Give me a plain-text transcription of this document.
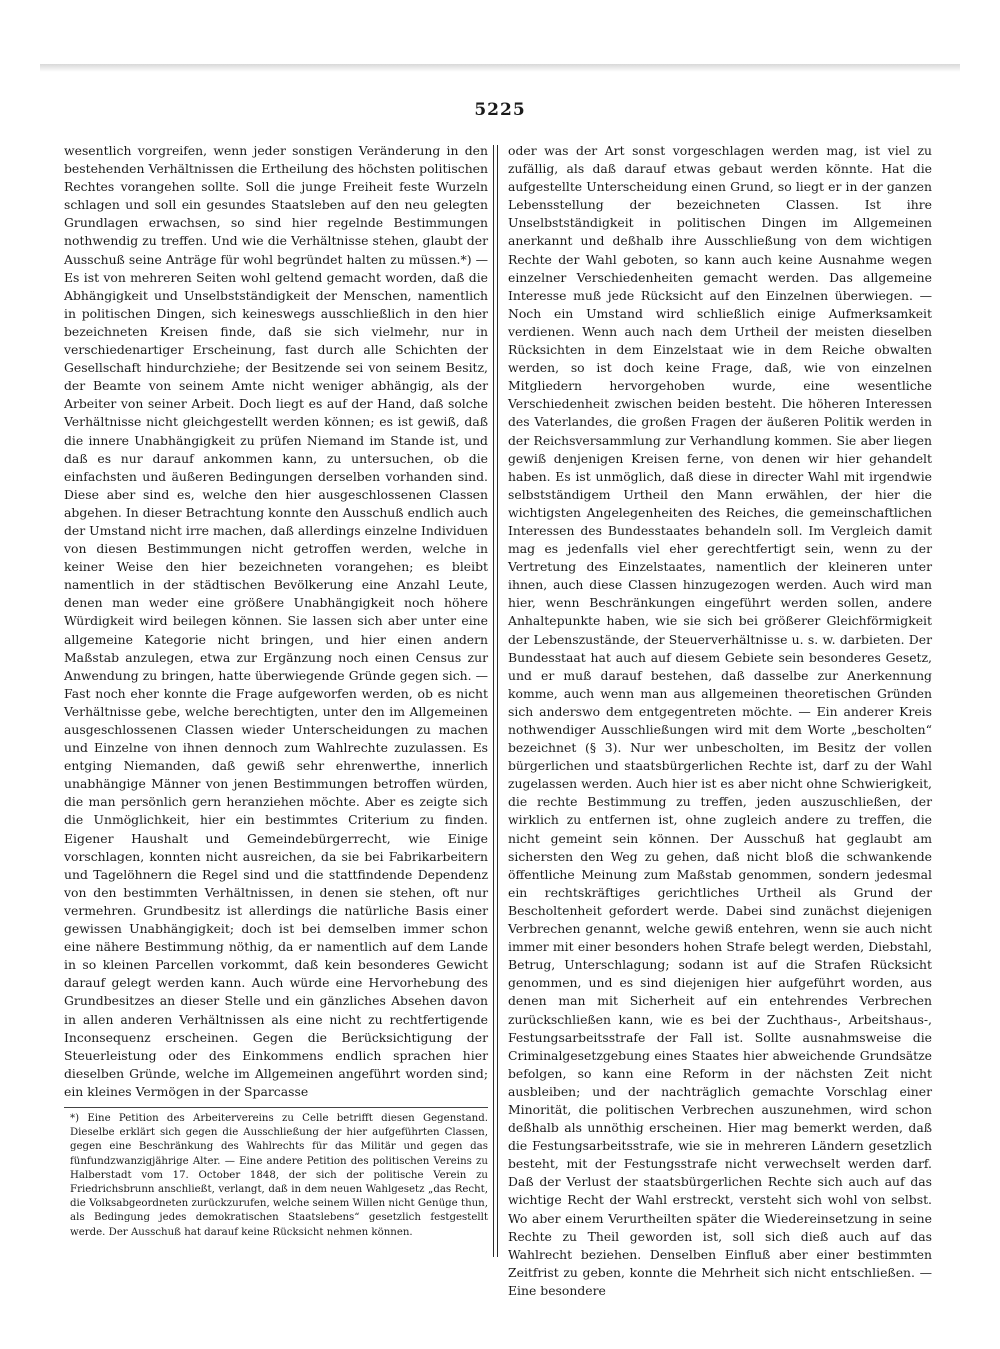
5225

wesentlich vorgreifen, wenn jeder sonstigen Veränderung in den bestehenden Verhältnissen die Ertheilung des höchsten politischen Rechtes vorangehen sollte. Soll die junge Freiheit feste Wurzeln schlagen und soll ein gesundes Staatsleben auf den neu gelegten Grundlagen erwachsen, so sind hier regelnde Bestimmungen nothwendig zu treffen. Und wie die Verhältnisse stehen, glaubt der Ausschuß seine Anträge für wohl begründet halten zu müssen.*) — Es ist von mehreren Seiten wohl geltend gemacht worden, daß die Abhängigkeit und Unselbstständigkeit der Menschen, namentlich in politischen Dingen, sich keineswegs ausschließlich in den hier bezeichneten Kreisen finde, daß sie sich vielmehr, nur in verschiedenartiger Erscheinung, fast durch alle Schichten der Gesellschaft hindurchziehe; der Besitzende sei von seinem Besitz, der Beamte von seinem Amte nicht weniger abhängig, als der Arbeiter von seiner Arbeit. Doch liegt es auf der Hand, daß solche Verhältnisse nicht gleichgestellt werden können; es ist gewiß, daß die innere Unabhängigkeit zu prüfen Niemand im Stande ist, und daß es nur darauf ankommen kann, zu untersuchen, ob die einfachsten und äußeren Bedingungen derselben vorhanden sind. Diese aber sind es, welche den hier ausgeschlossenen Classen abgehen. In dieser Betrachtung konnte den Ausschuß endlich auch der Umstand nicht irre machen, daß allerdings einzelne Individuen von diesen Bestimmungen nicht getroffen werden, welche in keiner Weise den hier bezeichneten vorangehen; es bleibt namentlich in der städtischen Bevölkerung eine Anzahl Leute, denen man weder eine größere Unabhängigkeit noch höhere Würdigkeit wird beilegen können. Sie lassen sich aber unter eine allgemeine Kategorie nicht bringen, und hier einen andern Maßstab anzulegen, etwa zur Ergänzung noch einen Census zur Anwendung zu bringen, hatte überwiegende Gründe gegen sich. — Fast noch eher konnte die Frage aufgeworfen werden, ob es nicht Verhältnisse gebe, welche berechtigten, unter den im Allgemeinen ausgeschlossenen Classen wieder Unterscheidungen zu machen und Einzelne von ihnen dennoch zum Wahlrechte zuzulassen. Es entging Niemanden, daß gewiß sehr ehrenwerthe, innerlich unabhängige Männer von jenen Bestimmungen betroffen würden, die man persönlich gern heranziehen möchte. Aber es zeigte sich die Unmöglichkeit, hier ein bestimmtes Criterium zu finden. Eigener Haushalt und Gemeindebürgerrecht, wie Einige vorschlagen, konnten nicht ausreichen, da sie bei Fabrikarbeitern und Tagelöhnern die Regel sind und die stattfindende Dependenz von den bestimmten Verhältnissen, in denen sie stehen, oft nur vermehren. Grundbesitz ist allerdings die natürliche Basis einer gewissen Unabhängigkeit; doch ist bei demselben immer schon eine nähere Bestimmung nöthig, da er namentlich auf dem Lande in so kleinen Parcellen vorkommt, daß kein besonderes Gewicht darauf gelegt werden kann. Auch würde eine Hervorhebung des Grundbesitzes an dieser Stelle und ein gänzliches Absehen davon in allen anderen Verhältnissen als eine nicht zu rechtfertigende Inconsequenz erscheinen. Gegen die Berücksichtigung der Steuerleistung oder des Einkommens endlich sprachen hier dieselben Gründe, welche im Allgemeinen angeführt worden sind; ein kleines Vermögen in der Sparcasse

oder was der Art sonst vorgeschlagen werden mag, ist viel zu zufällig, als daß darauf etwas gebaut werden könnte. Hat die aufgestellte Unterscheidung einen Grund, so liegt er in der ganzen Lebensstellung der bezeichneten Classen. Ist ihre Unselbstständigkeit in politischen Dingen im Allgemeinen anerkannt und deßhalb ihre Ausschließung von dem wichtigen Rechte der Wahl geboten, so kann auch keine Ausnahme wegen einzelner Verschiedenheiten gemacht werden. Das allgemeine Interesse muß jede Rücksicht auf den Einzelnen überwiegen. — Noch ein Umstand wird schließlich einige Aufmerksamkeit verdienen. Wenn auch nach dem Urtheil der meisten dieselben Rücksichten in dem Einzelstaat wie in dem Reiche obwalten werden, so ist doch keine Frage, daß, wie von einzelnen Mitgliedern hervorgehoben wurde, eine wesentliche Verschiedenheit zwischen beiden besteht. Die höheren Interessen des Vaterlandes, die großen Fragen der äußeren Politik werden in der Reichsversammlung zur Verhandlung kommen. Sie aber liegen gewiß denjenigen Kreisen ferne, von denen wir hier gehandelt haben. Es ist unmöglich, daß diese in directer Wahl mit irgendwie selbstständigem Urtheil den Mann erwählen, der hier die wichtigsten Angelegenheiten des Reiches, die gemeinschaftlichen Interessen des Bundesstaates behandeln soll. Im Vergleich damit mag es jedenfalls viel eher gerechtfertigt sein, wenn zu der Vertretung des Einzelstaates, namentlich der kleineren unter ihnen, auch diese Classen hinzugezogen werden. Auch wird man hier, wenn Beschränkungen eingeführt werden sollen, andere Anhaltepunkte haben, wie sie sich bei größerer Gleichförmigkeit der Lebenszustände, der Steuerverhältnisse u. s. w. darbieten. Der Bundesstaat hat auch auf diesem Gebiete sein besonderes Gesetz, und er muß darauf bestehen, daß dasselbe zur Anerkennung komme, auch wenn man aus allgemeinen theoretischen Gründen sich anderswo dem entgegentreten möchte. — Ein anderer Kreis nothwendiger Ausschließungen wird mit dem Worte „bescholten“ bezeichnet (§ 3). Nur wer unbescholten, im Besitz der vollen bürgerlichen und staatsbürgerlichen Rechte ist, darf zu der Wahl zugelassen werden. Auch hier ist es aber nicht ohne Schwierigkeit, die rechte Bestimmung zu treffen, jeden auszuschließen, der wirklich zu entfernen ist, ohne zugleich andere zu treffen, die nicht gemeint sein können. Der Ausschuß hat geglaubt am sichersten den Weg zu gehen, daß nicht bloß die schwankende öffentliche Meinung zum Maßstab genommen, sondern jedesmal ein rechtskräftiges gerichtliches Urtheil als Grund der Bescholtenheit gefordert werde. Dabei sind zunächst diejenigen Verbrechen genannt, welche gewiß entehren, wenn sie auch nicht immer mit einer besonders hohen Strafe belegt werden, Diebstahl, Betrug, Unterschlagung; sodann ist auf die Strafen Rücksicht genommen, und es sind diejenigen hier aufgeführt worden, aus denen man mit Sicherheit auf ein entehrendes Verbrechen zurückschließen kann, wie es bei der Zuchthaus-, Arbeitshaus-, Festungsarbeitsstrafe der Fall ist. Sollte ausnahmsweise die Criminalgesetzgebung eines Staates hier abweichende Grundsätze befolgen, so kann eine Reform in der nächsten Zeit nicht ausbleiben; und der nachträglich gemachte Vorschlag einer Minorität, die politischen Verbrechen auszunehmen, wird schon deßhalb als unnöthig erscheinen. Hier mag bemerkt werden, daß die Festungsarbeitsstrafe, wie sie in mehreren Ländern gesetzlich besteht, mit der Festungsstrafe nicht verwechselt werden darf. Daß der Verlust der staatsbürgerlichen Rechte sich auch auf das wichtige Recht der Wahl erstreckt, versteht sich wohl von selbst. Wo aber einem Verurtheilten später die Wiedereinsetzung in seine Rechte zu Theil geworden ist, soll sich dieß auch auf das Wahlrecht beziehen. Denselben Einfluß aber einer bestimmten Zeitfrist zu geben, konnte die Mehrheit sich nicht entschließen. — Eine besondere

*) Eine Petition des Arbeitervereins zu Celle betrifft diesen Gegenstand. Dieselbe erklärt sich gegen die Ausschließung der hier aufgeführten Classen, gegen eine Beschränkung des Wahlrechts für das Militär und gegen das fünfundzwanzigjährige Alter. — Eine andere Petition des politischen Vereins zu Halberstadt vom 17. October 1848, der sich der politische Verein zu Friedrichsbrunn anschließt, verlangt, daß in dem neuen Wahlgesetz „das Recht, die Volksabgeordneten zurückzurufen, welche seinem Willen nicht Genüge thun, als Bedingung jedes demokratischen Staatslebens“ gesetzlich festgestellt werde. Der Ausschuß hat darauf keine Rücksicht nehmen können.
